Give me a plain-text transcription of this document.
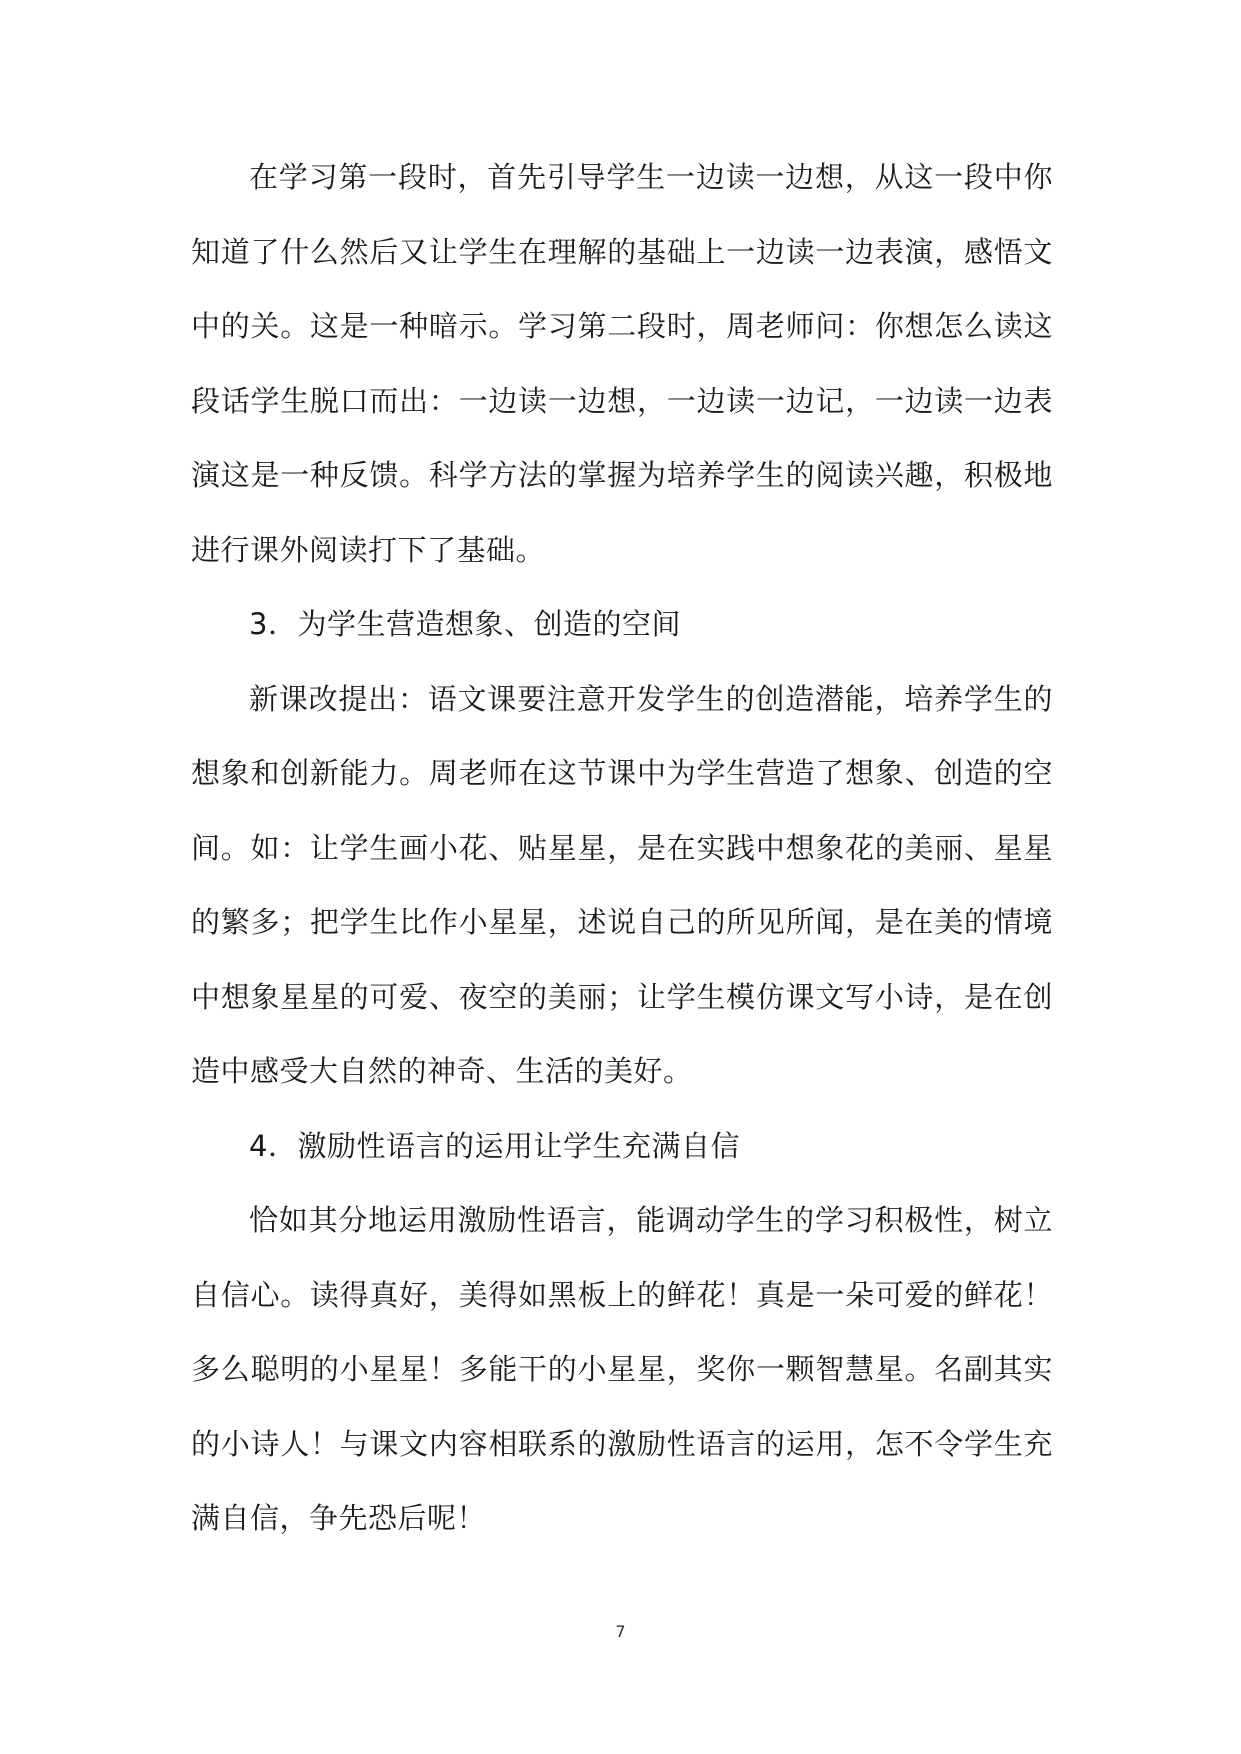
在学习第一段时，首先引导学生一边读一边想，从这一段中你知道了什么然后又让学生在理解的基础上一边读一边表演，感悟文中的关。这是一种暗示。学习第二段时，周老师问：你想怎么读这段话学生脱口而出：一边读一边想，一边读一边记，一边读一边表演这是一种反馈。科学方法的掌握为培养学生的阅读兴趣，积极地进行课外阅读打下了基础。

3．为学生营造想象、创造的空间

新课改提出：语文课要注意开发学生的创造潜能，培养学生的想象和创新能力。周老师在这节课中为学生营造了想象、创造的空间。如：让学生画小花、贴星星，是在实践中想象花的美丽、星星的繁多；把学生比作小星星，述说自己的所见所闻，是在美的情境中想象星星的可爱、夜空的美丽；让学生模仿课文写小诗，是在创造中感受大自然的神奇、生活的美好。

4．激励性语言的运用让学生充满自信

恰如其分地运用激励性语言，能调动学生的学习积极性，树立自信心。读得真好，美得如黑板上的鲜花！真是一朵可爱的鲜花！多么聪明的小星星！多能干的小星星，奖你一颗智慧星。名副其实的小诗人！与课文内容相联系的激励性语言的运用，怎不令学生充满自信，争先恐后呢！

7
